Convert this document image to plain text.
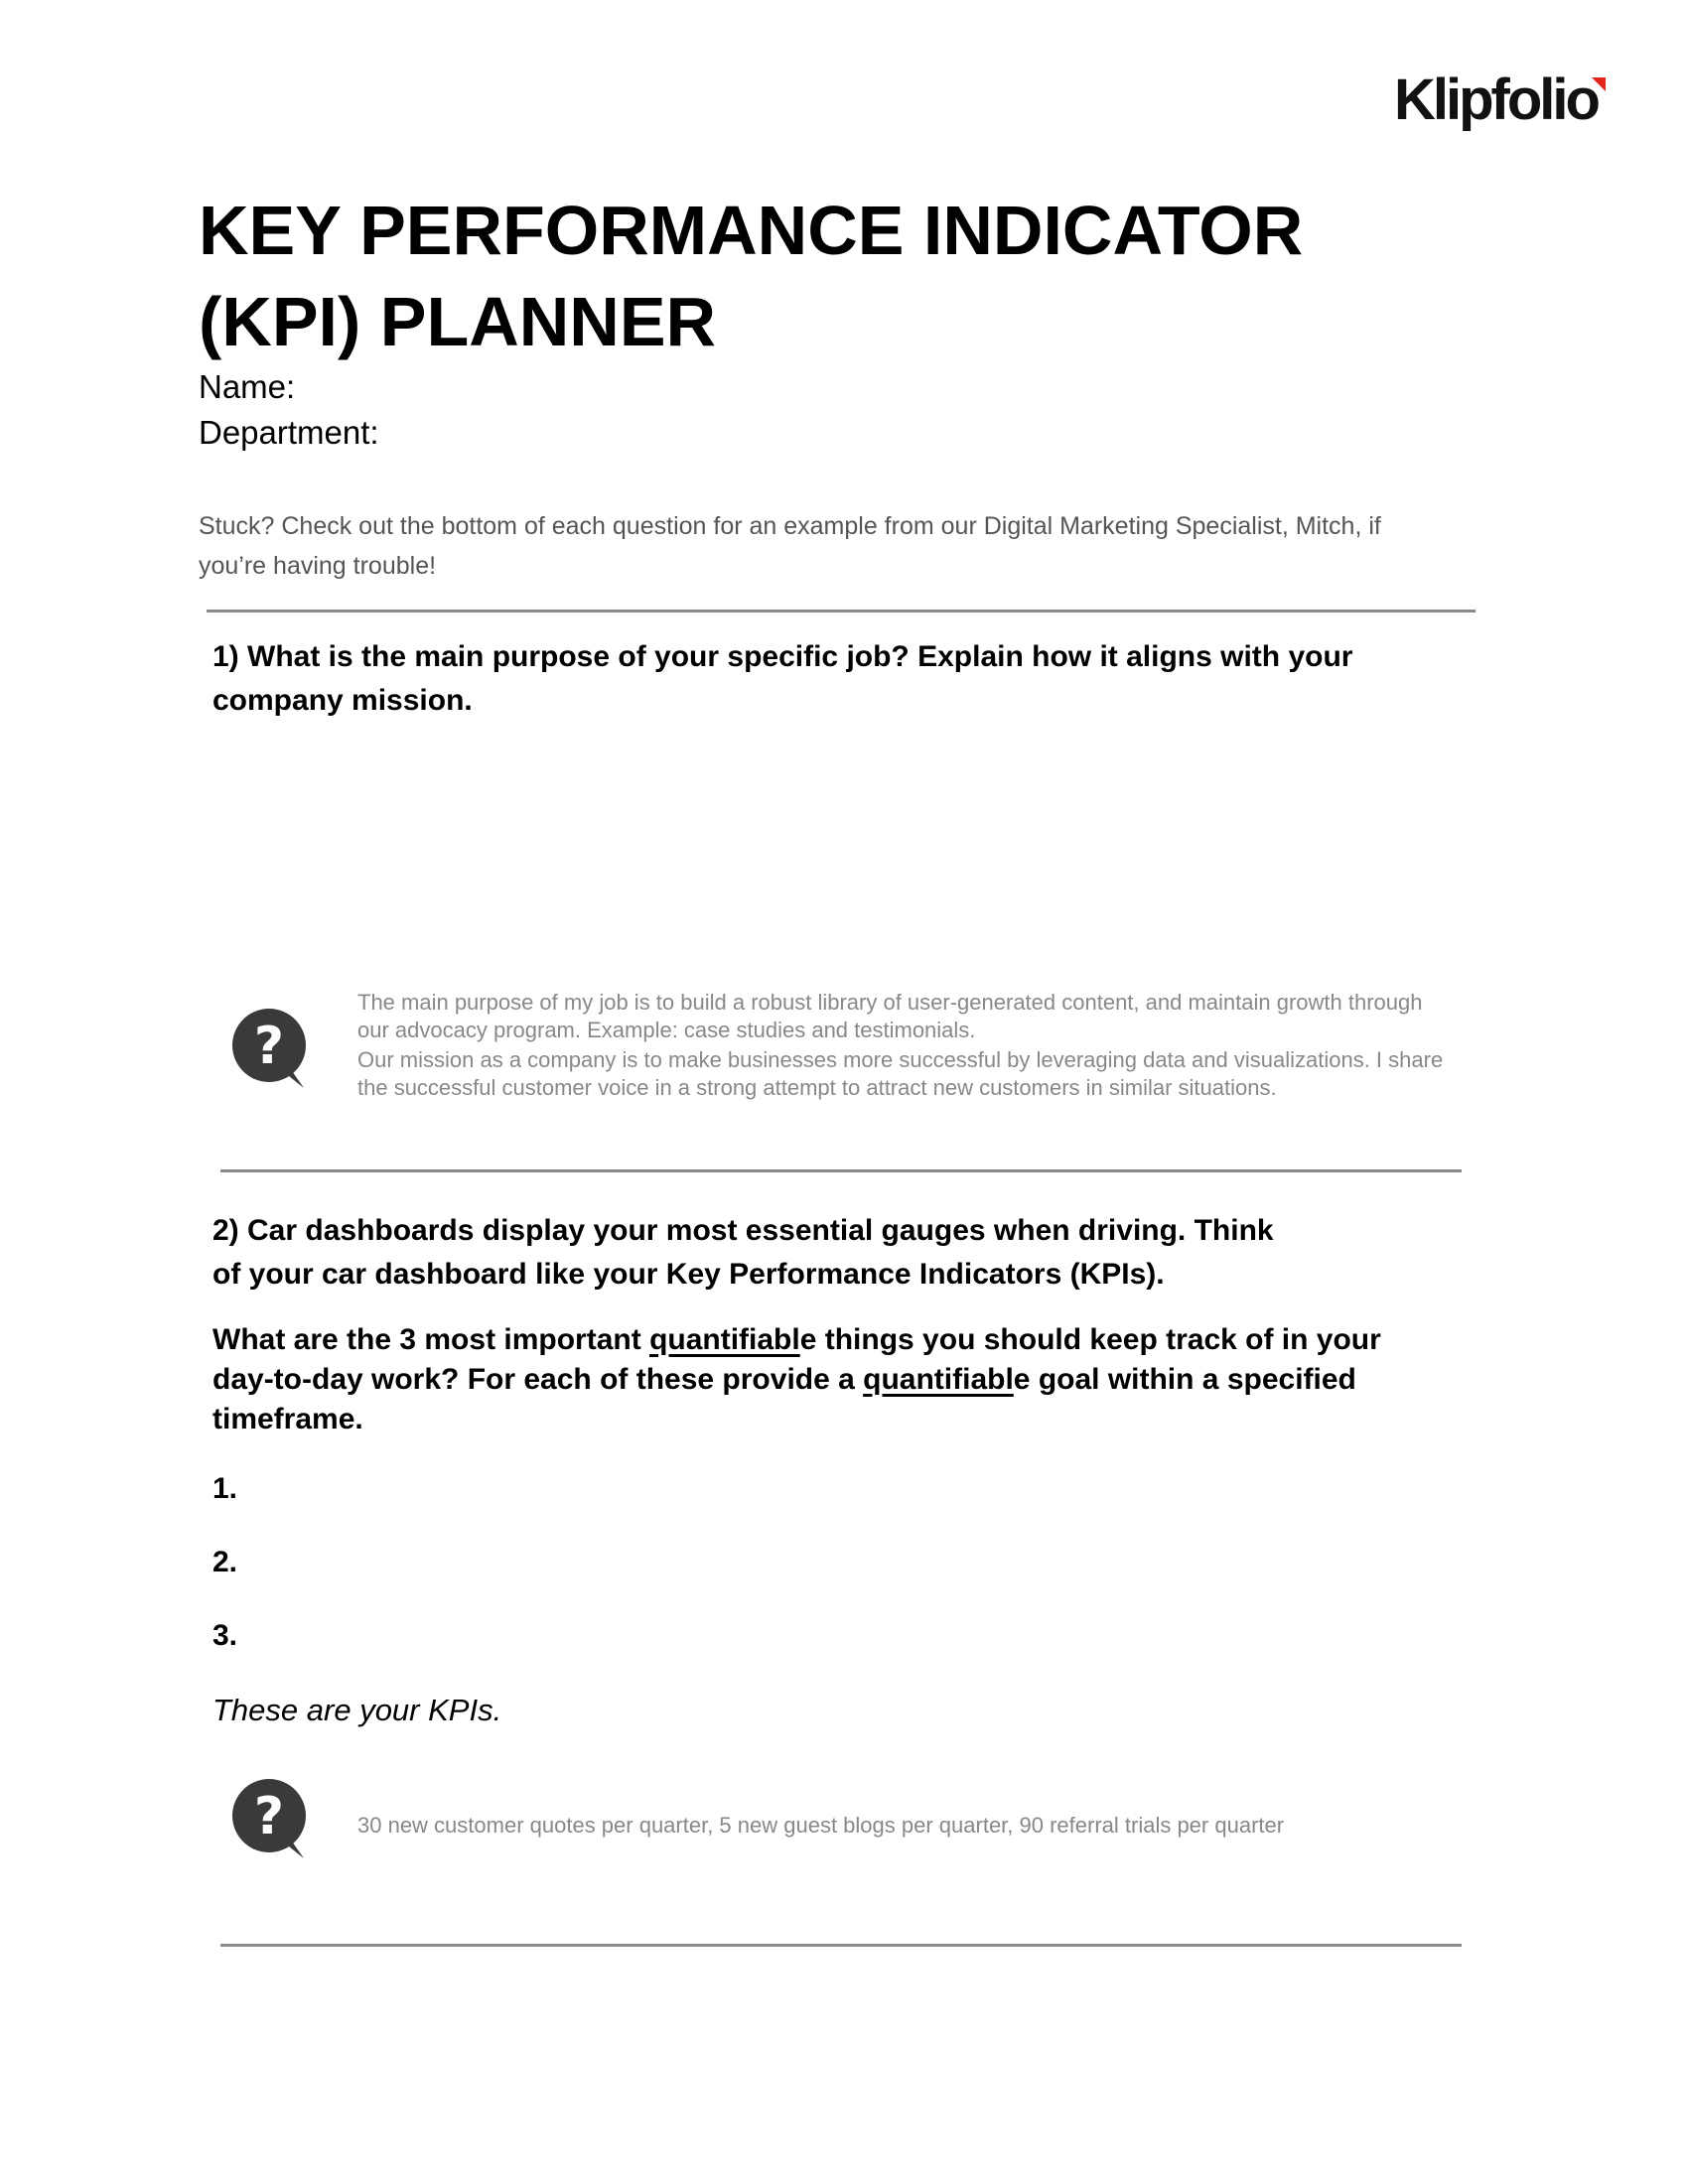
Klipfolio
KEY PERFORMANCE INDICATOR
(KPI) PLANNER
Name:
Department:
Stuck? Check out the bottom of each question for an example from our Digital Marketing Specialist, Mitch, if you’re having trouble!
1) What is the main purpose of your specific job? Explain how it aligns with your company mission.
?

The main purpose of my job is to build a robust library of user-generated content, and maintain growth through our advocacy program. Example: case studies and testimonials.

Our mission as a company is to make businesses more successful by leveraging data and visualizations. I share the successful customer voice in a strong attempt to attract new customers in similar situations.

2) Car dashboards display your most essential gauges when driving. Think
of your car dashboard like your Key Performance Indicators (KPIs).
What are the 3 most important quantifiable things you should keep track of in your day-to-day work? For each of these provide a quantifiable goal within a specified timeframe.
1.
2.
3.
These are your KPIs.
?	30 new customer quotes per quarter, 5 new guest blogs per quarter, 90 referral trials per quarter
